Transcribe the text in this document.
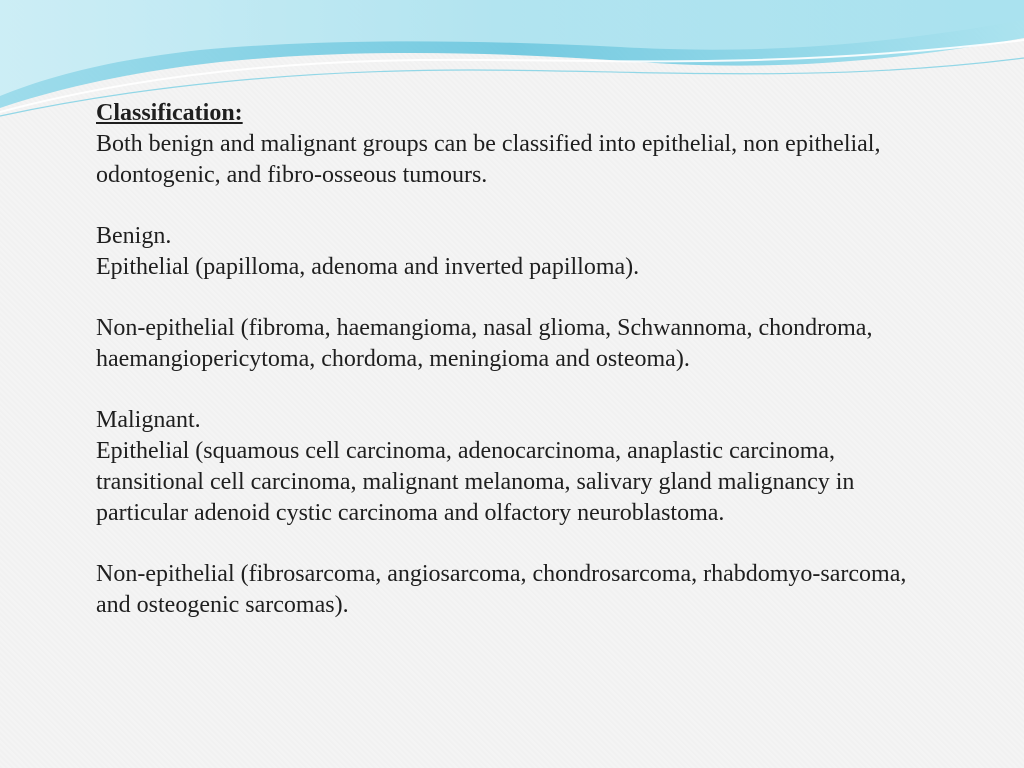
Classification:

Both benign and malignant groups can be classified into epithelial, non epithelial, odontogenic, and fibro-osseous tumours.

Benign.

Epithelial (papilloma, adenoma and inverted papilloma).

Non-epithelial (fibroma, haemangioma, nasal glioma, Schwannoma, chondroma, haemangiopericytoma, chordoma, meningioma and osteoma).

Malignant.

Epithelial (squamous cell carcinoma, adenocarcinoma, anaplastic carcinoma, transitional cell carcinoma, malignant melanoma, salivary gland malignancy in particular adenoid cystic carcinoma and olfactory neuroblastoma.

Non-epithelial (fibrosarcoma, angiosarcoma, chondrosarcoma, rhabdomyo-sarcoma, and osteogenic sarcomas).
